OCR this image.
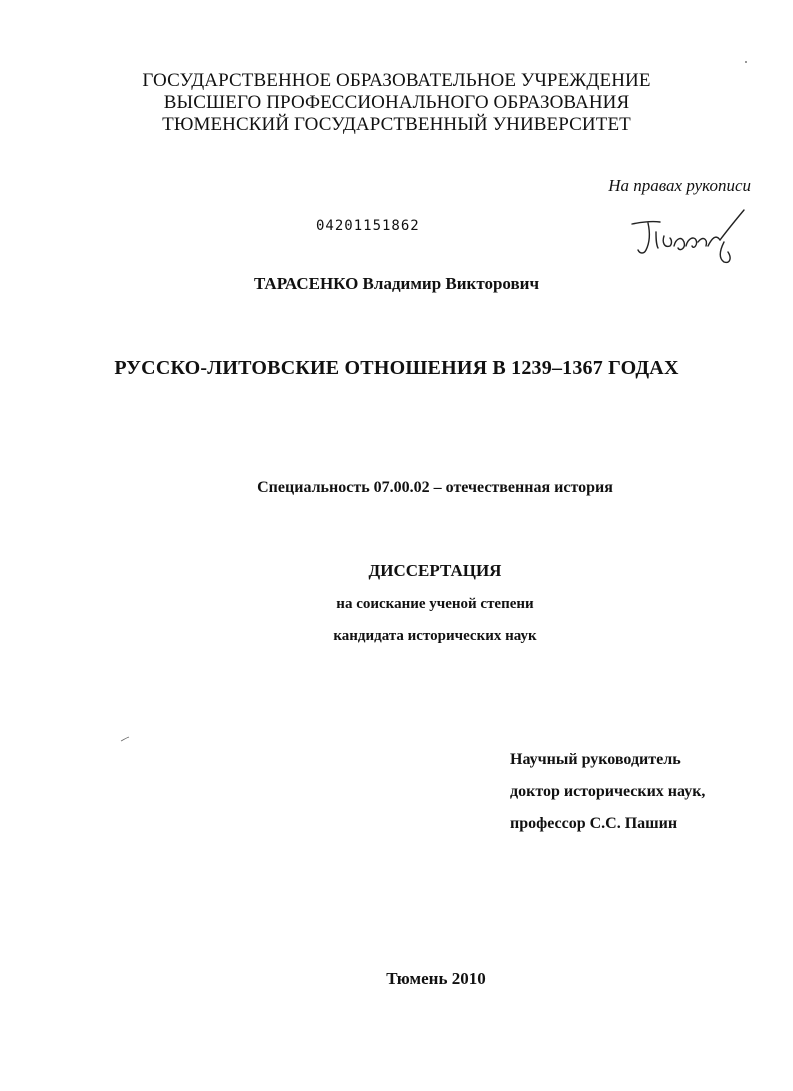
ГОСУДАРСТВЕННОЕ ОБРАЗОВАТЕЛЬНОЕ УЧРЕЖДЕНИЕ
ВЫСШЕГО ПРОФЕССИОНАЛЬНОГО ОБРАЗОВАНИЯ
ТЮМЕНСКИЙ ГОСУДАРСТВЕННЫЙ УНИВЕРСИТЕТ
На правах рукописи
04201151862
ТАРАСЕНКО Владимир Викторович
РУССКО-ЛИТОВСКИЕ ОТНОШЕНИЯ В 1239–1367 ГОДАХ
Специальность 07.00.02 – отечественная история
ДИССЕРТАЦИЯ
на соискание ученой степени
кандидата исторических наук
Научный руководитель
доктор исторических наук,
профессор С.С. Пашин
Тюмень 2010
